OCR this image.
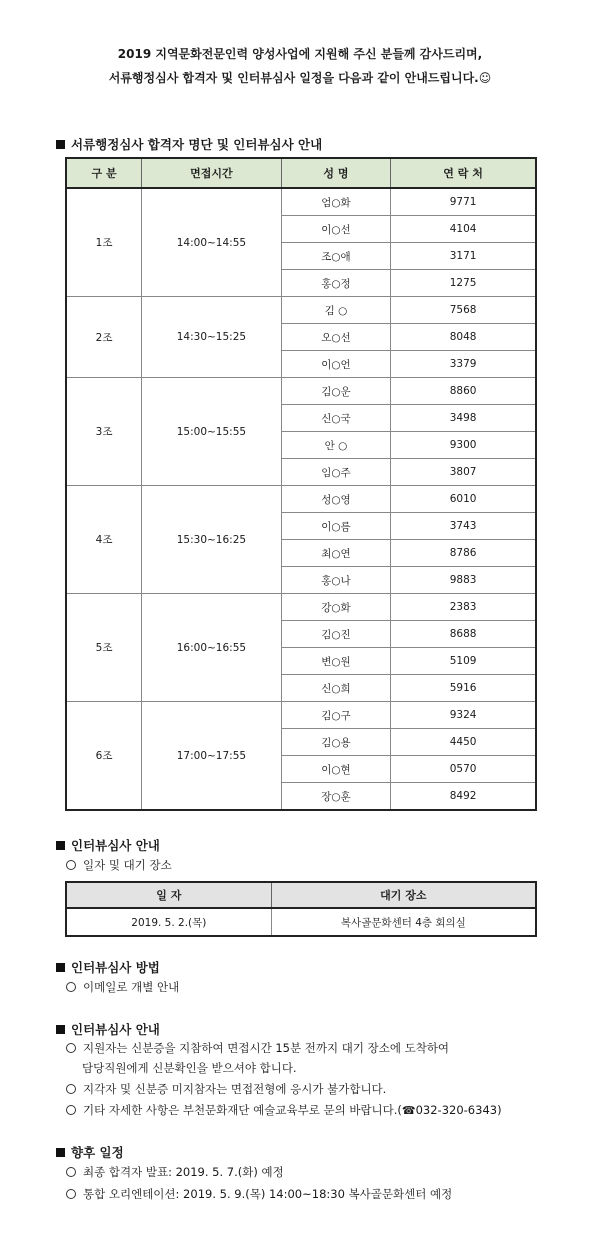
2019 지역문화전문인력 양성사업에 지원해 주신 분들께 감사드리며,
서류행정심사 합격자 및 인터뷰심사 일정을 다음과 같이 안내드립니다.☺
서류행정심사 합격자 명단 및 인터뷰심사 안내
구 분	면접시간	성 명	연 락 처
1조	14:00~14:55	엄○화	9771
		이○선	4104
		조○애	3171
		홍○정	1275
2조	14:30~15:25	김 ○	7568
		오○선	8048
		이○언	3379
3조	15:00~15:55	김○운	8860
		신○국	3498
		안 ○	9300
		임○주	3807
4조	15:30~16:25	성○영	6010
		이○름	3743
		최○연	8786
		홍○나	9883
5조	16:00~16:55	강○화	2383
		김○진	8688
		변○원	5109
		신○희	5916
6조	17:00~17:55	김○구	9324
		김○용	4450
		이○현	0570
		장○훈	8492
인터뷰심사 안내
일자 및 대기 장소
일 자	대기 장소
2019. 5. 2.(목)	복사골문화센터 4층 회의실
인터뷰심사 방법
이메일로 개별 안내
인터뷰심사 안내
지원자는 신분증을 지참하여 면접시간 15분 전까지 대기 장소에 도착하여
담당직원에게 신분확인을 받으셔야 합니다.
지각자 및 신분증 미지참자는 면접전형에 응시가 불가합니다.
기타 자세한 사항은 부천문화재단 예술교육부로 문의 바랍니다.(☎032-320-6343)
향후 일정
최종 합격자 발표: 2019. 5. 7.(화) 예정
통합 오리엔테이션: 2019. 5. 9.(목) 14:00~18:30 복사골문화센터 예정
